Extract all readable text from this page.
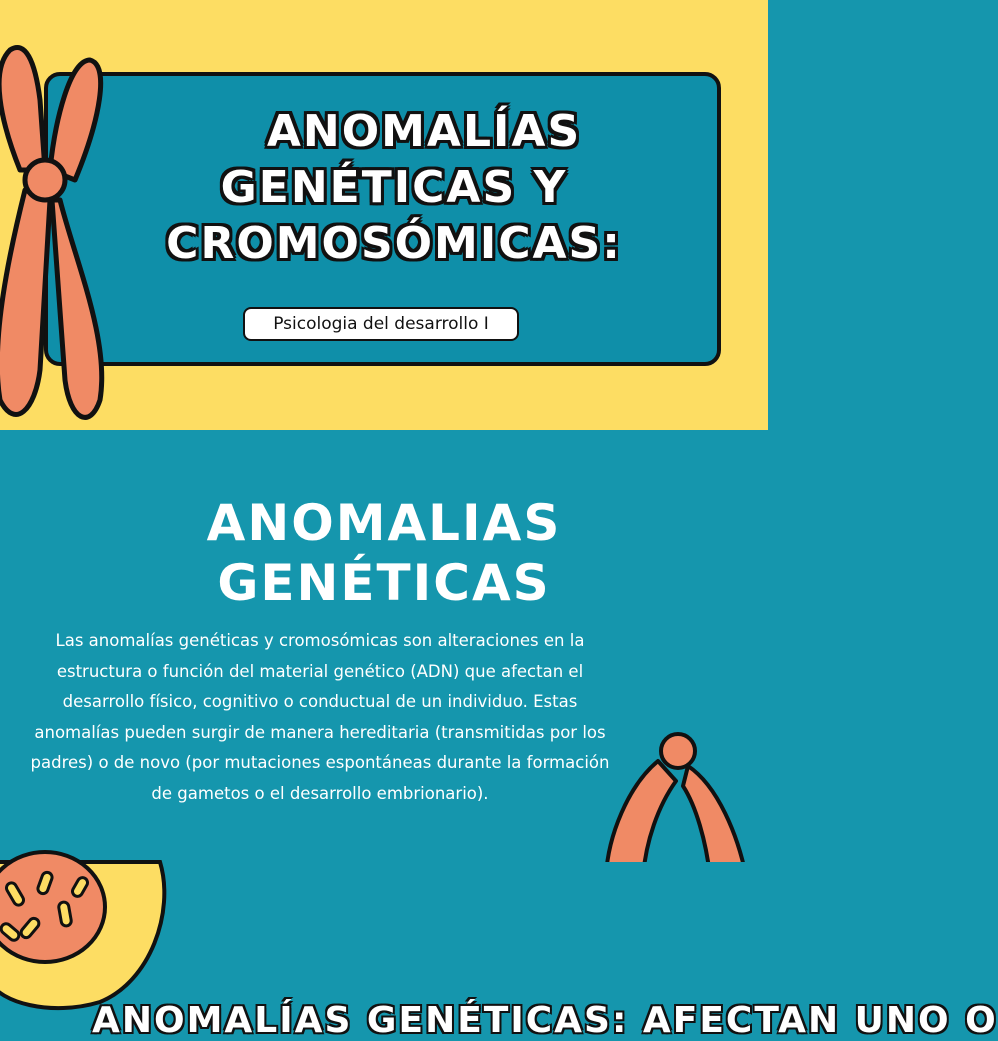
ANOMALÍAS
GENÉTICAS Y
CROMOSÓMICAS:
Psicologia del desarrollo I
ANOMALIAS
GENÉTICAS
Las anomalías genéticas y cromosómicas son alteraciones en la estructura o función del material genético (ADN) que afectan el desarrollo físico, cognitivo o conductual de un individuo. Estas anomalías pueden surgir de manera hereditaria (transmitidas por los padres) o de novo (por mutaciones espontáneas durante la formación de gametos o el desarrollo embrionario).
ANOMALÍAS GENÉTICAS: AFECTAN UNO O
